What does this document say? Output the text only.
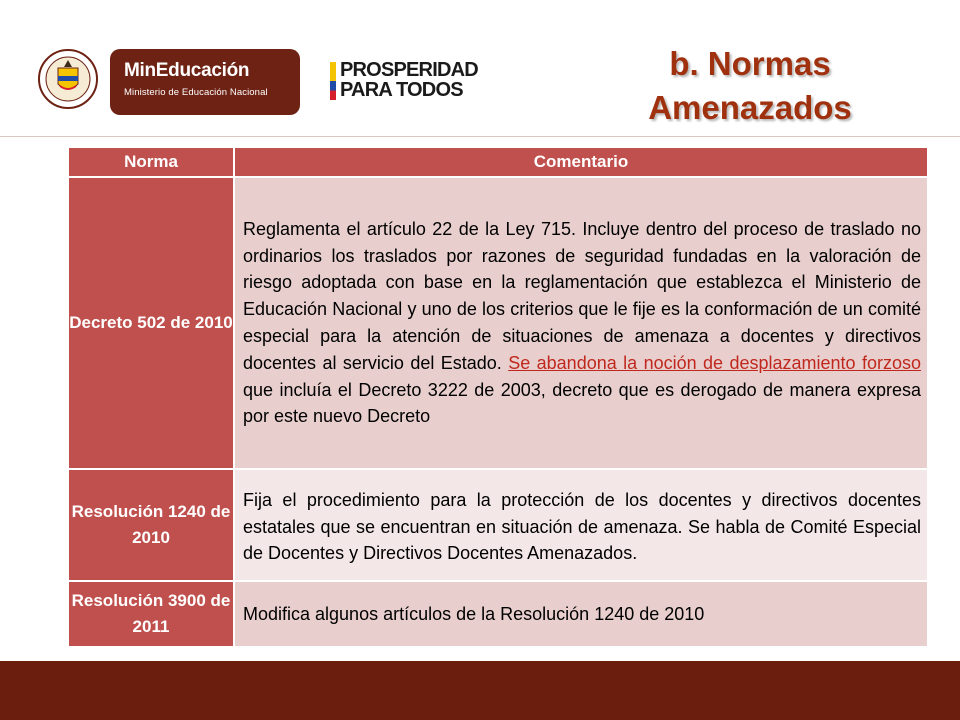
MinEducación
Ministerio de Educación Nacional
PROSPERIDAD
PARA TODOS
b. Normas
Amenazados
Norma	Comentario
Decreto 502 de 2010	Reglamenta el artículo 22 de la Ley 715. Incluye dentro del proceso de traslado no ordinarios los traslados por razones de seguridad fundadas en la valoración de riesgo adoptada con base en la reglamentación que establezca el Ministerio de Educación Nacional y uno de los criterios que le fije es la conformación de un comité especial para la atención de situaciones de amenaza a docentes y directivos docentes al servicio del Estado. Se abandona la noción de desplazamiento forzoso que incluía el Decreto 3222 de 2003, decreto que es derogado de manera expresa por este nuevo Decreto
Resolución 1240 de 2010	Fija el procedimiento para la protección de los docentes y directivos docentes estatales que se encuentran en situación de amenaza. Se habla de Comité Especial de Docentes y Directivos Docentes Amenazados.
Resolución 3900 de 2011	Modifica algunos artículos de la Resolución 1240 de 2010
